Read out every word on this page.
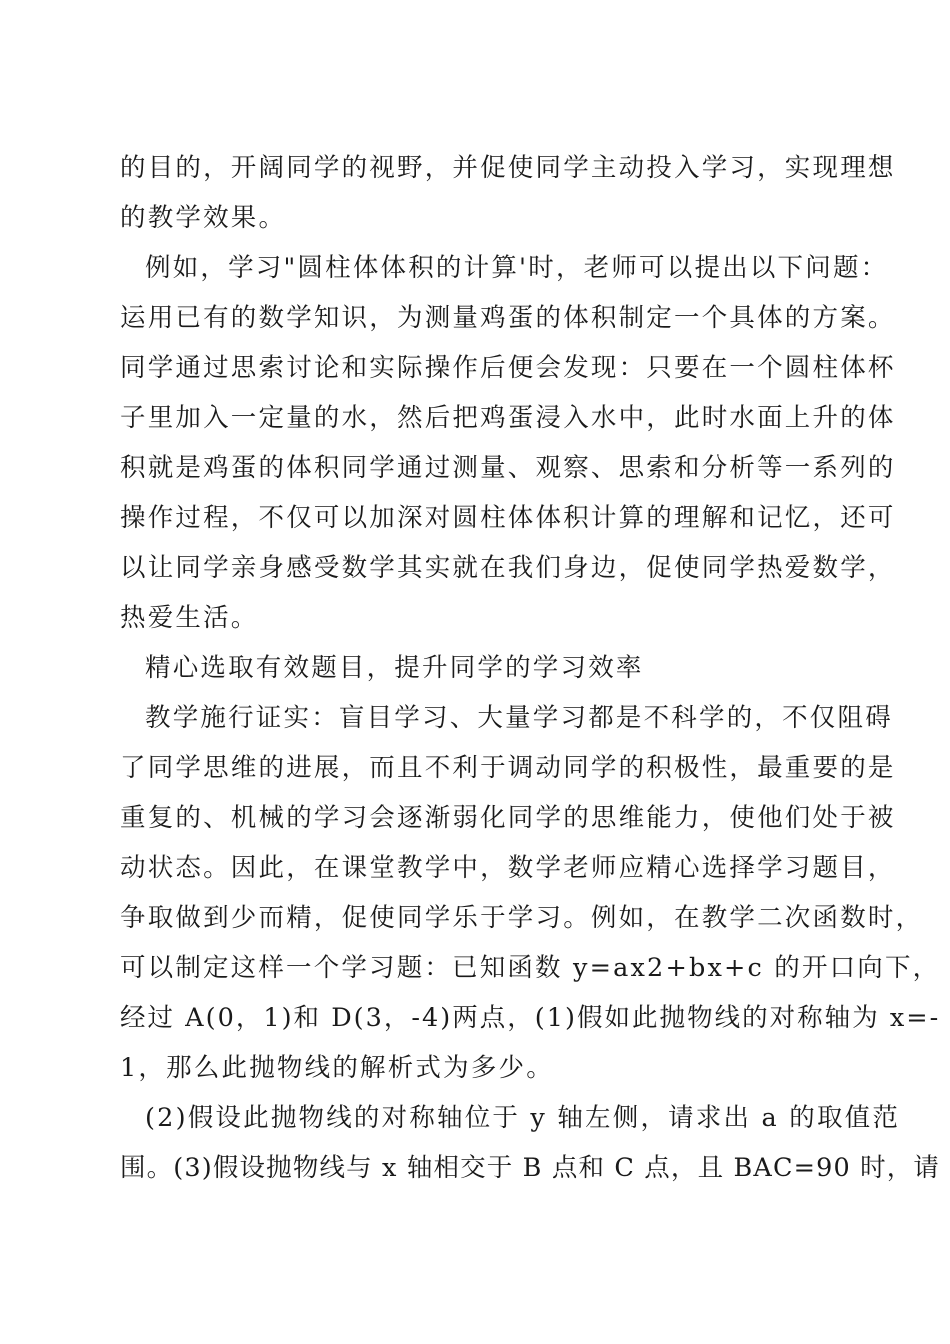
的目的，开阔同学的视野，并促使同学主动投入学习，实现理想
的教学效果。
例如，学习"圆柱体体积的计算'时，老师可以提出以下问题：
运用已有的数学知识，为测量鸡蛋的体积制定一个具体的方案。
同学通过思索讨论和实际操作后便会发现：只要在一个圆柱体杯
子里加入一定量的水，然后把鸡蛋浸入水中，此时水面上升的体
积就是鸡蛋的体积同学通过测量、观察、思索和分析等一系列的
操作过程，不仅可以加深对圆柱体体积计算的理解和记忆，还可
以让同学亲身感受数学其实就在我们身边，促使同学热爱数学，
热爱生活。
精心选取有效题目，提升同学的学习效率
教学施行证实：盲目学习、大量学习都是不科学的，不仅阻碍
了同学思维的进展，而且不利于调动同学的积极性，最重要的是
重复的、机械的学习会逐渐弱化同学的思维能力，使他们处于被
动状态。因此，在课堂教学中，数学老师应精心选择学习题目，
争取做到少而精，促使同学乐于学习。例如，在教学二次函数时，
可以制定这样一个学习题：已知函数 y=ax2+bx+c 的开口向下，
经过 A(0，1)和 D(3，-4)两点，(1)假如此抛物线的对称轴为 x=-
1，那么此抛物线的解析式为多少。
(2)假设此抛物线的对称轴位于 y 轴左侧，请求出 a 的取值范
围。(3)假设抛物线与 x 轴相交于 B 点和 C 点，且 BAC=90 时，请
